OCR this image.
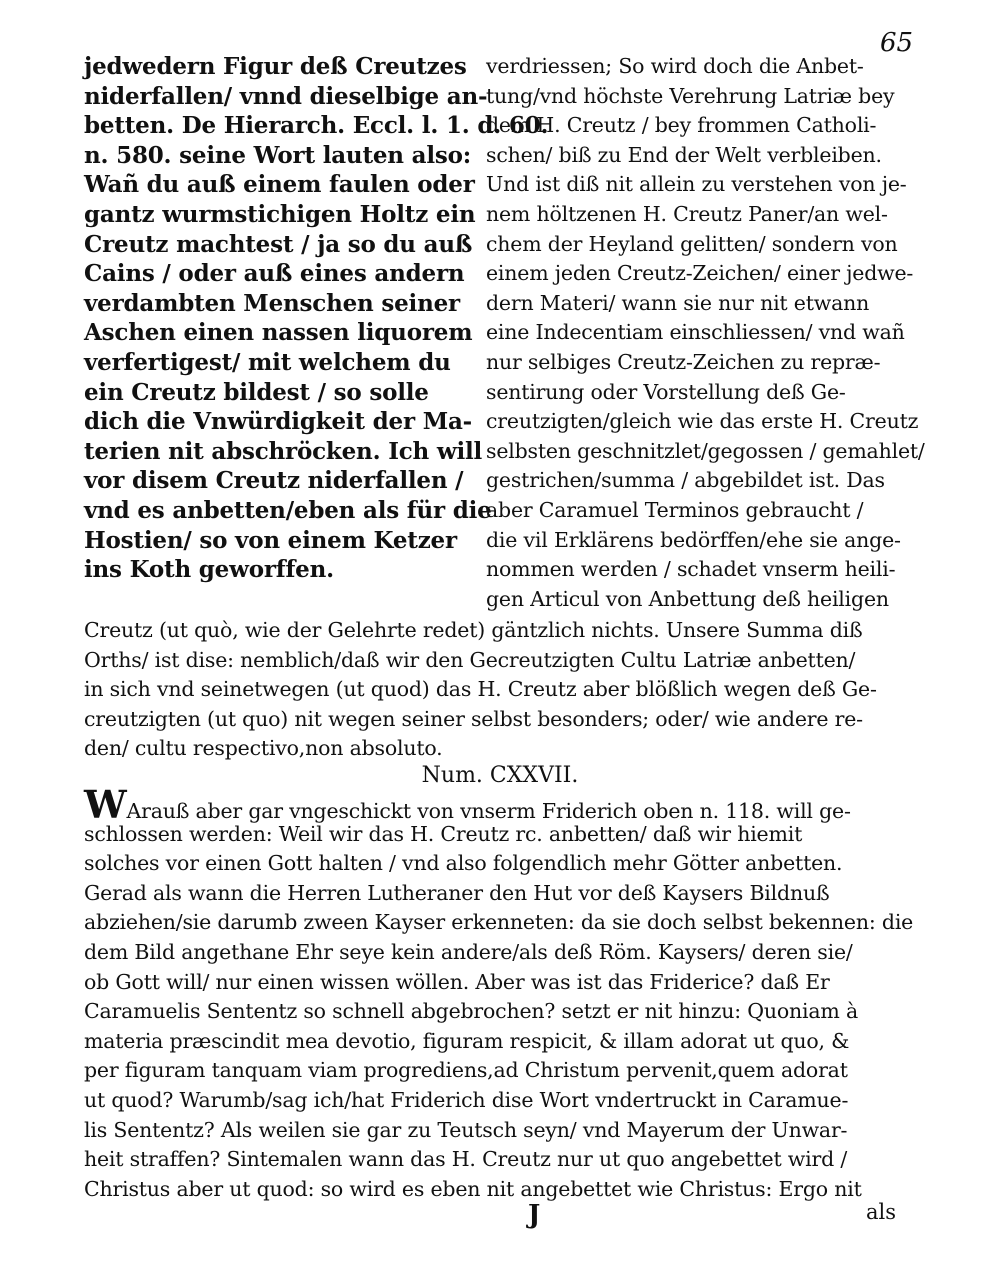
65
jedwedern Figur deß Creutzes
niderfallen/ vnnd dieselbige an-
betten. De Hierarch. Eccl. l. 1. d. 60.
n. 580. seine Wort lauten also:
Wañ du auß einem faulen oder
gantz wurmstichigen Holtz ein
Creutz machtest / ja so du auß
Cains / oder auß eines andern
verdambten Menschen seiner
Aschen einen nassen liquorem
verfertigest/ mit welchem du
ein Creutz bildest / so solle
dich die Vnwürdigkeit der Ma-
terien nit abschröcken. Ich will
vor disem Creutz niderfallen /
vnd es anbetten/eben als für die
Hostien/ so von einem Ketzer
ins Koth geworffen.
verdriessen; So wird doch die Anbet-
tung/vnd höchste Verehrung Latriæ bey
dem H. Creutz / bey frommen Catholi-
schen/ biß zu End der Welt verbleiben.
Und ist diß nit allein zu verstehen von je-
nem höltzenen H. Creutz Paner/an wel-
chem der Heyland gelitten/ sondern von
einem jeden Creutz-Zeichen/ einer jedwe-
dern Materi/ wann sie nur nit etwann
eine Indecentiam einschliessen/ vnd wañ
nur selbiges Creutz-Zeichen zu repræ-
sentirung oder Vorstellung deß Ge-
creutzigten/gleich wie das erste H. Creutz
selbsten geschnitzlet/gegossen / gemahlet/
gestrichen/summa / abgebildet ist. Das
aber Caramuel Terminos gebraucht /
die vil Erklärens bedörffen/ehe sie ange-
nommen werden / schadet vnserm heili-
gen Articul von Anbettung deß heiligen
Creutz (ut quò, wie der Gelehrte redet) gäntzlich nichts. Unsere Summa diß
Orths/ ist dise: nemblich/daß wir den Gecreutzigten Cultu Latriæ anbetten/
in sich vnd seinetwegen (ut quod) das H. Creutz aber blößlich wegen deß Ge-
creutzigten (ut quo) nit wegen seiner selbst besonders; oder/ wie andere re-
den/ cultu respectivo,non absoluto.
Num. CXXVII.
WArauß aber gar vngeschickt von vnserm Friderich oben n. 118. will ge-
schlossen werden: Weil wir das H. Creutz rc. anbetten/ daß wir hiemit
solches vor einen Gott halten / vnd also folgendlich mehr Götter anbetten.
Gerad als wann die Herren Lutheraner den Hut vor deß Kaysers Bildnuß
abziehen/sie darumb zween Kayser erkenneten: da sie doch selbst bekennen: die
dem Bild angethane Ehr seye kein andere/als deß Röm. Kaysers/ deren sie/
ob Gott will/ nur einen wissen wöllen. Aber was ist das Friderice? daß Er
Caramuelis Sententz so schnell abgebrochen? setzt er nit hinzu: Quoniam à
materia præscindit mea devotio, figuram respicit, & illam adorat ut quo, &
per figuram tanquam viam progrediens,ad Christum pervenit,quem adorat
ut quod? Warumb/sag ich/hat Friderich dise Wort vndertruckt in Caramue-
lis Sententz? Als weilen sie gar zu Teutsch seyn/ vnd Mayerum der Unwar-
heit straffen? Sintemalen wann das H. Creutz nur ut quo angebettet wird /
Christus aber ut quod: so wird es eben nit angebettet wie Christus: Ergo nit
J	als
